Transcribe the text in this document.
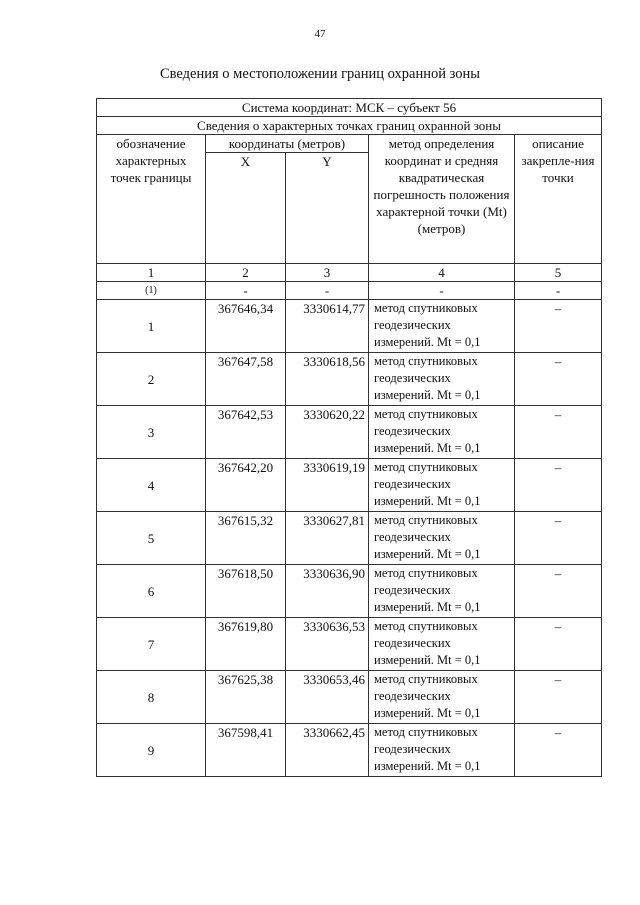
47
Сведения о местоположении границ охранной зоны
Система координат: МСК – субъект 56				
Сведения о характерных точках границ охранной зоны				
обозначение характерных точек границы	координаты (метров)		метод определения координат и средняя квадратическая погрешность положения характерной точки (Mt) (метров)	описание закрепле-ния точки
	X	Y		
1	2	3	4	5
(1)	-	-	-	-
1	367646,34	3330614,77	метод спутниковых геодезических измерений. Mt = 0,1	–
2	367647,58	3330618,56	метод спутниковых геодезических измерений. Mt = 0,1	–
3	367642,53	3330620,22	метод спутниковых геодезических измерений. Mt = 0,1	–
4	367642,20	3330619,19	метод спутниковых геодезических измерений. Mt = 0,1	–
5	367615,32	3330627,81	метод спутниковых геодезических измерений. Mt = 0,1	–
6	367618,50	3330636,90	метод спутниковых геодезических измерений. Mt = 0,1	–
7	367619,80	3330636,53	метод спутниковых геодезических измерений. Mt = 0,1	–
8	367625,38	3330653,46	метод спутниковых геодезических измерений. Mt = 0,1	–
9	367598,41	3330662,45	метод спутниковых геодезических измерений. Mt = 0,1	–
